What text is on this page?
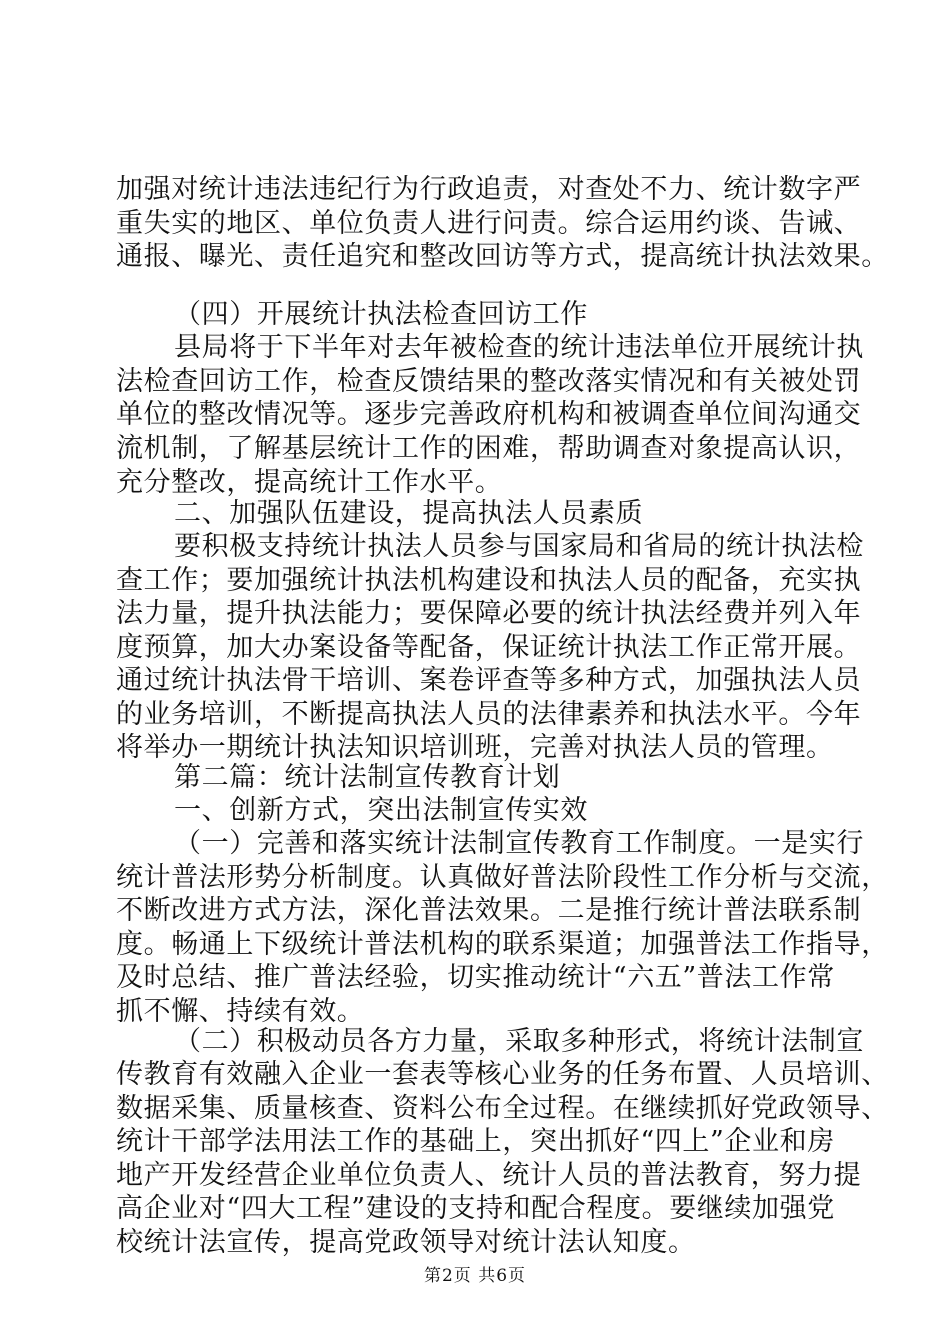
加强对统计违法违纪行为行政追责，对查处不力、统计数字严
重失实的地区、单位负责人进行问责。综合运用约谈、告诫、
通报、曝光、责任追究和整改回访等方式，提高统计执法效果。
（四）开展统计执法检查回访工作
县局将于下半年对去年被检查的统计违法单位开展统计执
法检查回访工作，检查反馈结果的整改落实情况和有关被处罚
单位的整改情况等。逐步完善政府机构和被调查单位间沟通交
流机制，了解基层统计工作的困难，帮助调查对象提高认识，
充分整改，提高统计工作水平。
二、加强队伍建设，提高执法人员素质
要积极支持统计执法人员参与国家局和省局的统计执法检
查工作；要加强统计执法机构建设和执法人员的配备，充实执
法力量，提升执法能力；要保障必要的统计执法经费并列入年
度预算，加大办案设备等配备，保证统计执法工作正常开展。
通过统计执法骨干培训、案卷评查等多种方式，加强执法人员
的业务培训，不断提高执法人员的法律素养和执法水平。今年
将举办一期统计执法知识培训班，完善对执法人员的管理。
第二篇：统计法制宣传教育计划
一、创新方式，突出法制宣传实效
（一）完善和落实统计法制宣传教育工作制度。一是实行
统计普法形势分析制度。认真做好普法阶段性工作分析与交流，
不断改进方式方法，深化普法效果。二是推行统计普法联系制
度。畅通上下级统计普法机构的联系渠道；加强普法工作指导，
及时总结、推广普法经验，切实推动统计“六五”普法工作常
抓不懈、持续有效。
（二）积极动员各方力量，采取多种形式，将统计法制宣
传教育有效融入企业一套表等核心业务的任务布置、人员培训、
数据采集、质量核查、资料公布全过程。在继续抓好党政领导、
统计干部学法用法工作的基础上，突出抓好“四上”企业和房
地产开发经营企业单位负责人、统计人员的普法教育，努力提
高企业对“四大工程”建设的支持和配合程度。要继续加强党
校统计法宣传，提高党政领导对统计法认知度。
第2页 共6页
